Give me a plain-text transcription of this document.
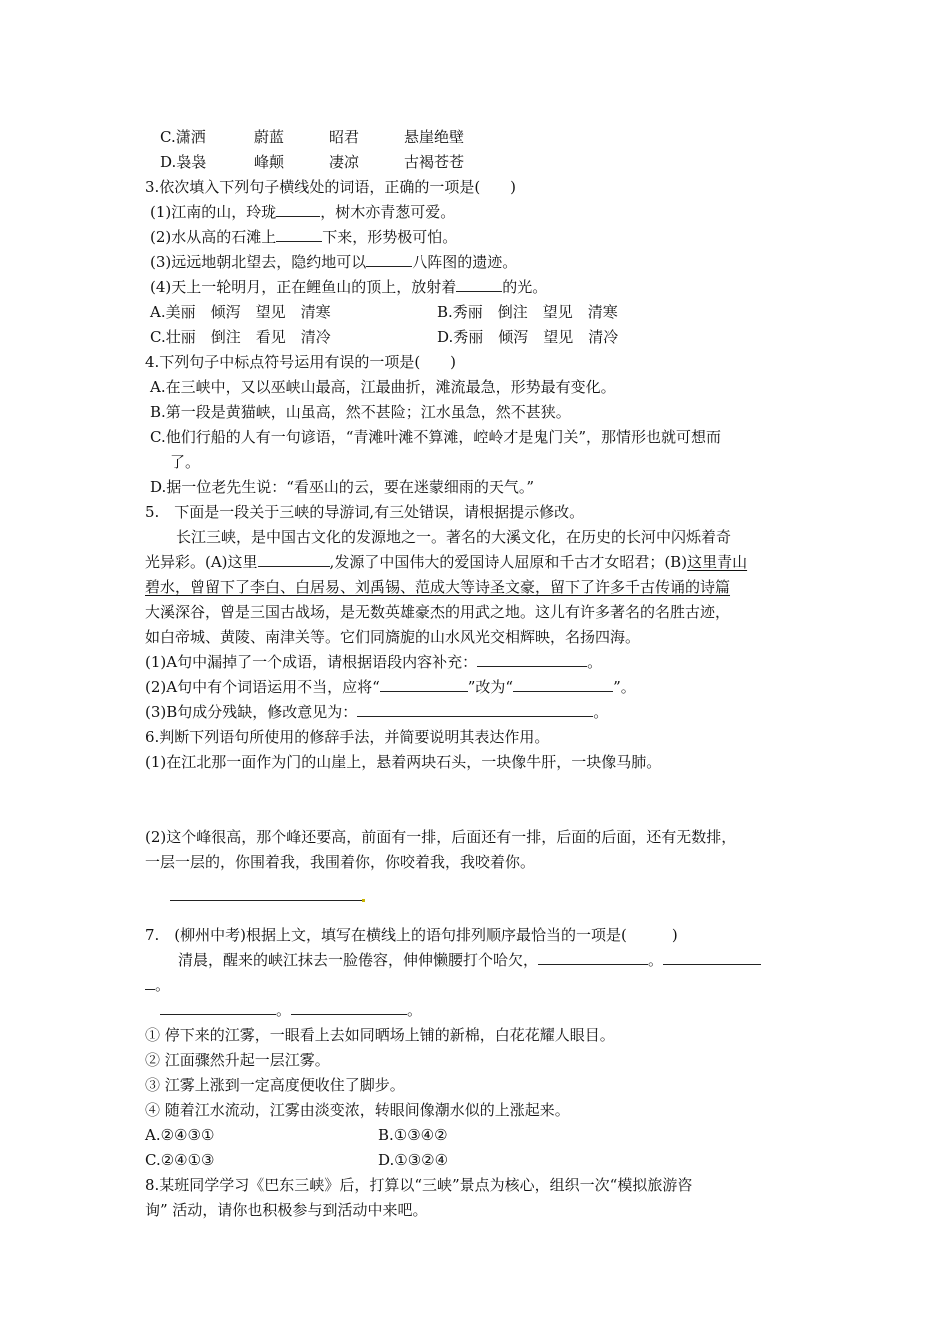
C.潇洒	蔚蓝	昭君	悬崖绝壁
D.袅袅	峰颠	凄凉	古褐苍苍
3.依次填入下列句子横线处的词语，正确的一项是(　　)
(1)江南的山，玲珑	，树木亦青葱可爱。
(2)水从高的石滩上	下来，形势极可怕。
(3)远远地朝北望去，隐约地可以	八阵图的遗迹。
(4)天上一轮明月，正在鲤鱼山的顶上，放射着	的光。
A.美丽　倾泻　望见　清寒	B.秀丽　倒注　望见　清寒
C.壮丽　倒注　看见　清冷	D.秀丽　倾泻　望见　清冷
4.下列句子中标点符号运用有误的一项是(　　)
A.在三峡中，又以巫峡山最高，江最曲折，滩流最急，形势最有变化。
B.第一段是黄猫峡，山虽高，然不甚险；江水虽急，然不甚狭。
C.他们行船的人有一句谚语，“青滩叶滩不算滩，崆岭才是鬼门关”，那情形也就可想而
了。
D.据一位老先生说：“看巫山的云，要在迷蒙细雨的天气。”
5.　下面是一段关于三峡的导游词,有三处错误，请根据提示修改。
长江三峡，是中国古文化的发源地之一。著名的大溪文化，在历史的长河中闪烁着奇
光异彩。(A)这里	,发源了中国伟大的爱国诗人屈原和千古才女昭君；(B)这里青山
碧水，曾留下了李白、白居易、刘禹锡、范成大等诗圣文豪，留下了许多千古传诵的诗篇
大溪深谷，曾是三国古战场，是无数英雄豪杰的用武之地。这儿有许多著名的名胜古迹，
如白帝城、黄陵、南津关等。它们同旖旎的山水风光交相辉映，名扬四海。
(1)A句中漏掉了一个成语，请根据语段内容补充：	。
(2)A句中有个词语运用不当，应将“	”改为“	”。
(3)B句成分残缺，修改意见为：	。
6.判断下列语句所使用的修辞手法，并简要说明其表达作用。
(1)在江北那一面作为门的山崖上，悬着两块石头，一块像牛肝，一块像马肺。
(2)这个峰很高，那个峰还要高，前面有一排，后面还有一排，后面的后面，还有无数排，
一层一层的，你围着我，我围着你，你咬着我，我咬着你。
7.　(柳州中考)根据上文，填写在横线上的语句排列顺序最恰当的一项是(　　　)
清晨，醒来的峡江抹去一脸倦容，伸伸懒腰打个哈欠，	。
。
。	。
① 停下来的江雾，一眼看上去如同晒场上铺的新棉，白花花耀人眼目。
② 江面骤然升起一层江雾。
③ 江雾上涨到一定高度便收住了脚步。
④ 随着江水流动，江雾由淡变浓，转眼间像潮水似的上涨起来。
A.②④③①	B.①③④②
C.②④①③	D.①③②④
8.某班同学学习《巴东三峡》后，打算以“三峡”景点为核心，组织一次“模拟旅游咨
询” 活动，请你也积极参与到活动中来吧。
